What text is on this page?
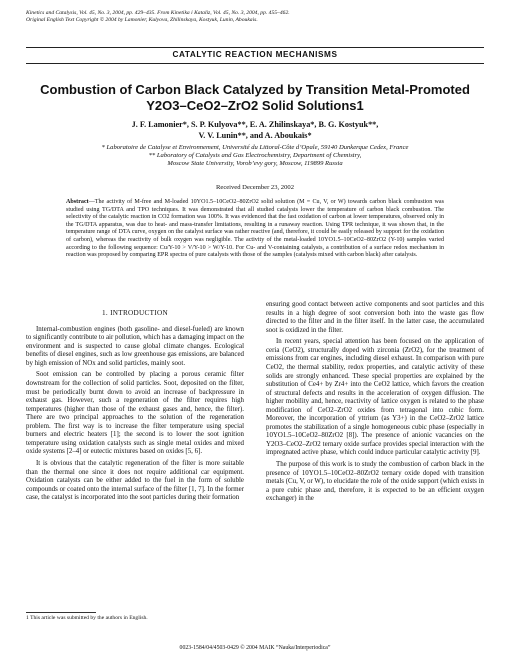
Kinetics and Catalysis, Vol. 45, No. 3, 2004, pp. 429–435. From Kinetika i Kataliz, Vol. 45, No. 3, 2004, pp. 455–462.
Original English Text Copyright © 2004 by Lamonier, Kulyova, Zhilinskaya, Kostyuk, Lunin, Aboukais.
CATALYTIC REACTION MECHANISMS
Combustion of Carbon Black Catalyzed by Transition Metal-Promoted Y2O3–CeO2–ZrO2 Solid Solutions1
J. F. Lamonier*, S. P. Kulyova**, E. A. Zhilinskaya*, B. G. Kostyuk**,
V. V. Lunin**, and A. Aboukaïs*
* Laboratoire de Catalyse et Environnement, Université du Littoral-Côte d’Opale, 59140 Dunkerque Cedex, France
** Laboratory of Catalysis and Gas Electrochemistry, Department of Chemistry,
Moscow State University, Vorob’evy gory, Moscow, 119899 Russia
Received December 23, 2002
Abstract—The activity of M-free and M-loaded 10YO1.5–10CeO2–80ZrO2 solid solution (M = Cu, V, or W) towards carbon black combustion was studied using TG/DTA and TPO techniques. It was demonstrated that all studied catalysts lower the temperature of carbon black combustion. The selectivity of the catalytic reaction in CO2 formation was 100%. It was evidenced that the fast oxidation of carbon at lower temperatures, observed only in the TG/DTA apparatus, was due to heat- and mass-transfer limitations, resulting in a runaway reaction. Using TPR technique, it was shown that, in the temperature range of DTA curve, oxygen on the catalyst surface was rather reactive (and, therefore, it could be easily released by support for the oxidation of carbon), whereas the reactivity of bulk oxygen was negligible. The activity of the metal-loaded 10YO1.5–10CeO2–80ZrO2 (Y-10) samples varied according to the following sequence: Cu/Y-10 > V/Y-10 > W/Y-10. For Cu- and V-containing catalysts, a contribution of a surface redox mechanism in reaction was proposed by comparing EPR spectra of pure catalysts with those of the samples (catalysts mixed with carbon black) after catalysis.
1. INTRODUCTION

Internal-combustion engines (both gasoline- and diesel-fueled) are known to significantly contribute to air pollution, which has a damaging impact on the environment and is suspected to cause global climate changes. Ecological benefits of diesel engines, such as low greenhouse gas emissions, are balanced by high emission of NOx and solid particles, mainly soot.

Soot emission can be controlled by placing a porous ceramic filter downstream for the collection of solid particles. Soot, deposited on the filter, must be periodically burnt down to avoid an increase of backpressure in exhaust gas. However, such a regeneration of the filter requires high temperatures (higher than those of the exhaust gases and, hence, the filter). There are two principal approaches to the solution of the regeneration problem. The first way is to increase the filter temperature using special burners and electric heaters [1]; the second is to lower the soot ignition temperature using oxidation catalysts such as single metal oxides and mixed oxide systems [2–4] or eutectic mixtures based on oxides [5, 6].

It is obvious that the catalytic regeneration of the filter is more suitable than the thermal one since it does not require additional car equipment. Oxidation catalysts can be either added to the fuel in the form of soluble compounds or coated onto the internal surface of the filter [1, 7]. In the former case, the catalyst is incorporated into the soot particles during their formation

ensuring good contact between active components and soot particles and this results in a high degree of soot conversion both into the waste gas flow directed to the filter and in the filter itself. In the latter case, the accumulated soot is oxidized in the filter.

In recent years, special attention has been focused on the application of ceria (CeO2), structurally doped with zirconia (ZrO2), for the treatment of emissions from car engines, including diesel exhaust. In comparison with pure CeO2, the thermal stability, redox properties, and catalytic activity of these solids are strongly enhanced. These special properties are explained by the substitution of Ce4+ by Zr4+ into the CeO2 lattice, which favors the creation of structural defects and results in the acceleration of oxygen diffusion. The higher mobility and, hence, reactivity of lattice oxygen is related to the phase modification of CeO2–ZrO2 oxides from tetragonal into cubic form. Moreover, the incorporation of yttrium (as Y3+) in the CeO2–ZrO2 lattice promotes the stabilization of a single homogeneous cubic phase (especially in 10YO1.5–10CeO2–80ZrO2 [8]). The presence of anionic vacancies on the Y2O3–CeO2–ZrO2 ternary oxide surface provides special interaction with the impregnated active phase, which could induce particular catalytic activity [9].

The purpose of this work is to study the combustion of carbon black in the presence of 10YO1.5–10CeO2–80ZrO2 ternary oxide doped with transition metals (Cu, V, or W), to elucidate the role of the oxide support (which exists in a pure cubic phase and, therefore, it is expected to be an efficient oxygen exchanger) in the

1 This article was submitted by the authors in English.
0023-1584/04/4503-0429 © 2004 MAIK “Nauka/Interperiodica”
